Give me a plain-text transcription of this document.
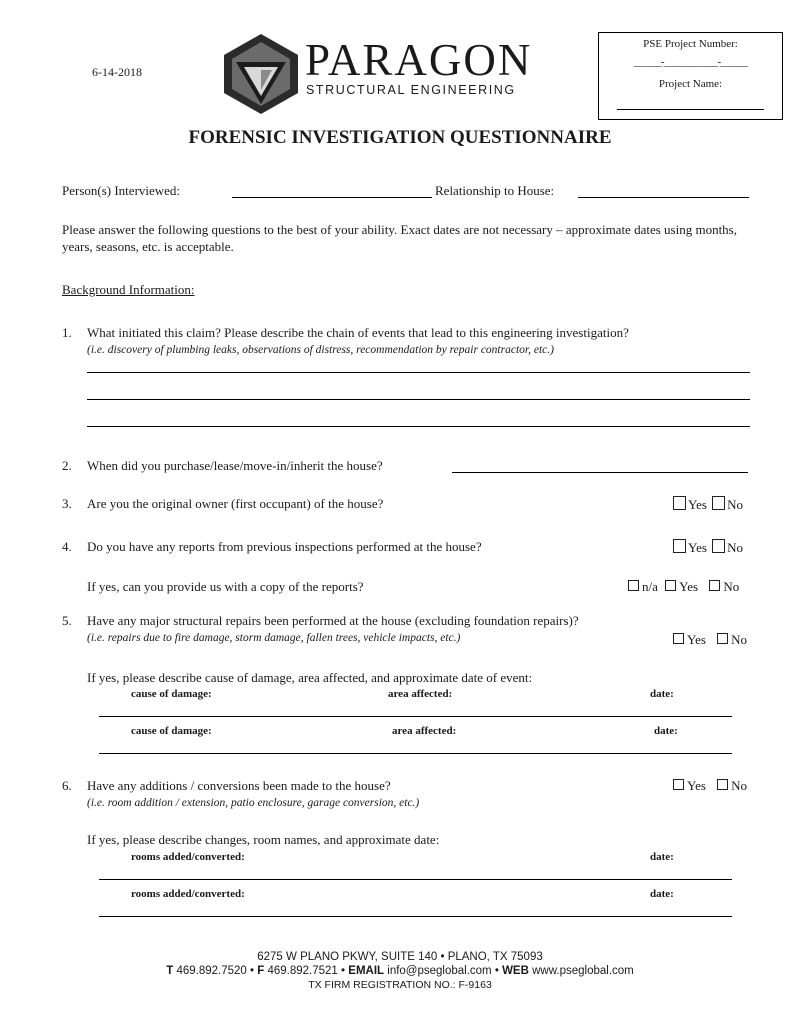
6-14-2018	PARAGON
STRUCTURAL ENGINEERING
PSE Project Number:
______-____________-______
Project Name:
FORENSIC INVESTIGATION QUESTIONNAIRE
Person(s) Interviewed:	Relationship to House:
Please answer the following questions to the best of your ability. Exact dates are not necessary – approximate dates using months, years, seasons, etc. is acceptable.
Background Information:
1. What initiated this claim? Please describe the chain of events that lead to this engineering investigation?
(i.e. discovery of plumbing leaks, observations of distress, recommendation by repair contractor, etc.)
2. When did you purchase/lease/move-in/inherit the house?
3. Are you the original owner (first occupant) of the house?	Yes No
4. Do you have any reports from previous inspections performed at the house?	Yes No
If yes, can you provide us with a copy of the reports?	n/a Yes No
5. Have any major structural repairs been performed at the house (excluding foundation repairs)?
(i.e. repairs due to fire damage, storm damage, fallen trees, vehicle impacts, etc.)	Yes No
If yes, please describe cause of damage, area affected, and approximate date of event:
cause of damage:	area affected:	date:
cause of damage:	area affected:	date:
6. Have any additions / conversions been made to the house?	Yes No
(i.e. room addition / extension, patio enclosure, garage conversion, etc.)
If yes, please describe changes, room names, and approximate date:
rooms added/converted:	date:
rooms added/converted:	date:
6275 W PLANO PKWY, SUITE 140 • PLANO, TX 75093
T 469.892.7520 • F 469.892.7521 • EMAIL info@pseglobal.com • WEB www.pseglobal.com
TX FIRM REGISTRATION NO.: F-9163
